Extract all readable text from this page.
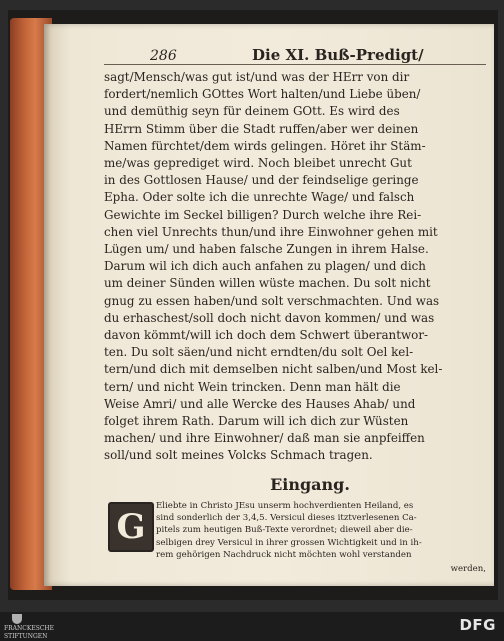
286	Die XI. Buß-Predigt/
sagt/Mensch/was gut ist/und was der HErr von dir
fordert/nemlich GOttes Wort halten/und Liebe üben/
und demüthig seyn für deinem GOtt. Es wird des
HErrn Stimm über die Stadt ruffen/aber wer deinen
Namen fürchtet/dem wirds gelingen. Höret ihr Stäm-
me/was geprediget wird. Noch bleibet unrecht Gut
in des Gottlosen Hause/ und der feindselige geringe
Epha. Oder solte ich die unrechte Wage/ und falsch
Gewichte im Seckel billigen? Durch welche ihre Rei-
chen viel Unrechts thun/und ihre Einwohner gehen mit
Lügen um/ und haben falsche Zungen in ihrem Halse.
Darum wil ich dich auch anfahen zu plagen/ und dich
um deiner Sünden willen wüste machen. Du solt nicht
gnug zu essen haben/und solt verschmachten. Und was
du erhaschest/soll doch nicht davon kommen/ und was
davon kömmt/will ich doch dem Schwert überantwor-
ten. Du solt säen/und nicht erndten/du solt Oel kel-
tern/und dich mit demselben nicht salben/und Most kel-
tern/ und nicht Wein trincken. Denn man hält die
Weise Amri/ und alle Wercke des Hauses Ahab/ und
folget ihrem Rath. Darum will ich dich zur Wüsten
machen/ und ihre Einwohner/ daß man sie anpfeiffen
soll/und solt meines Volcks Schmach tragen.
Eingang.
G
Eliebte in Christo JEsu unserm hochverdienten Heiland, es
sind sonderlich der 3,4,5. Versicul dieses itztverlesenen Ca-
pitels zum heutigen Buß-Texte verordnet; dieweil aber die-
selbigen drey Versicul in ihrer grossen Wichtigkeit und in ih-
rem gehörigen Nachdruck nicht möchten wohl verstanden
werden,
FRANCKESCHE STIFTUNGEN
DFG
